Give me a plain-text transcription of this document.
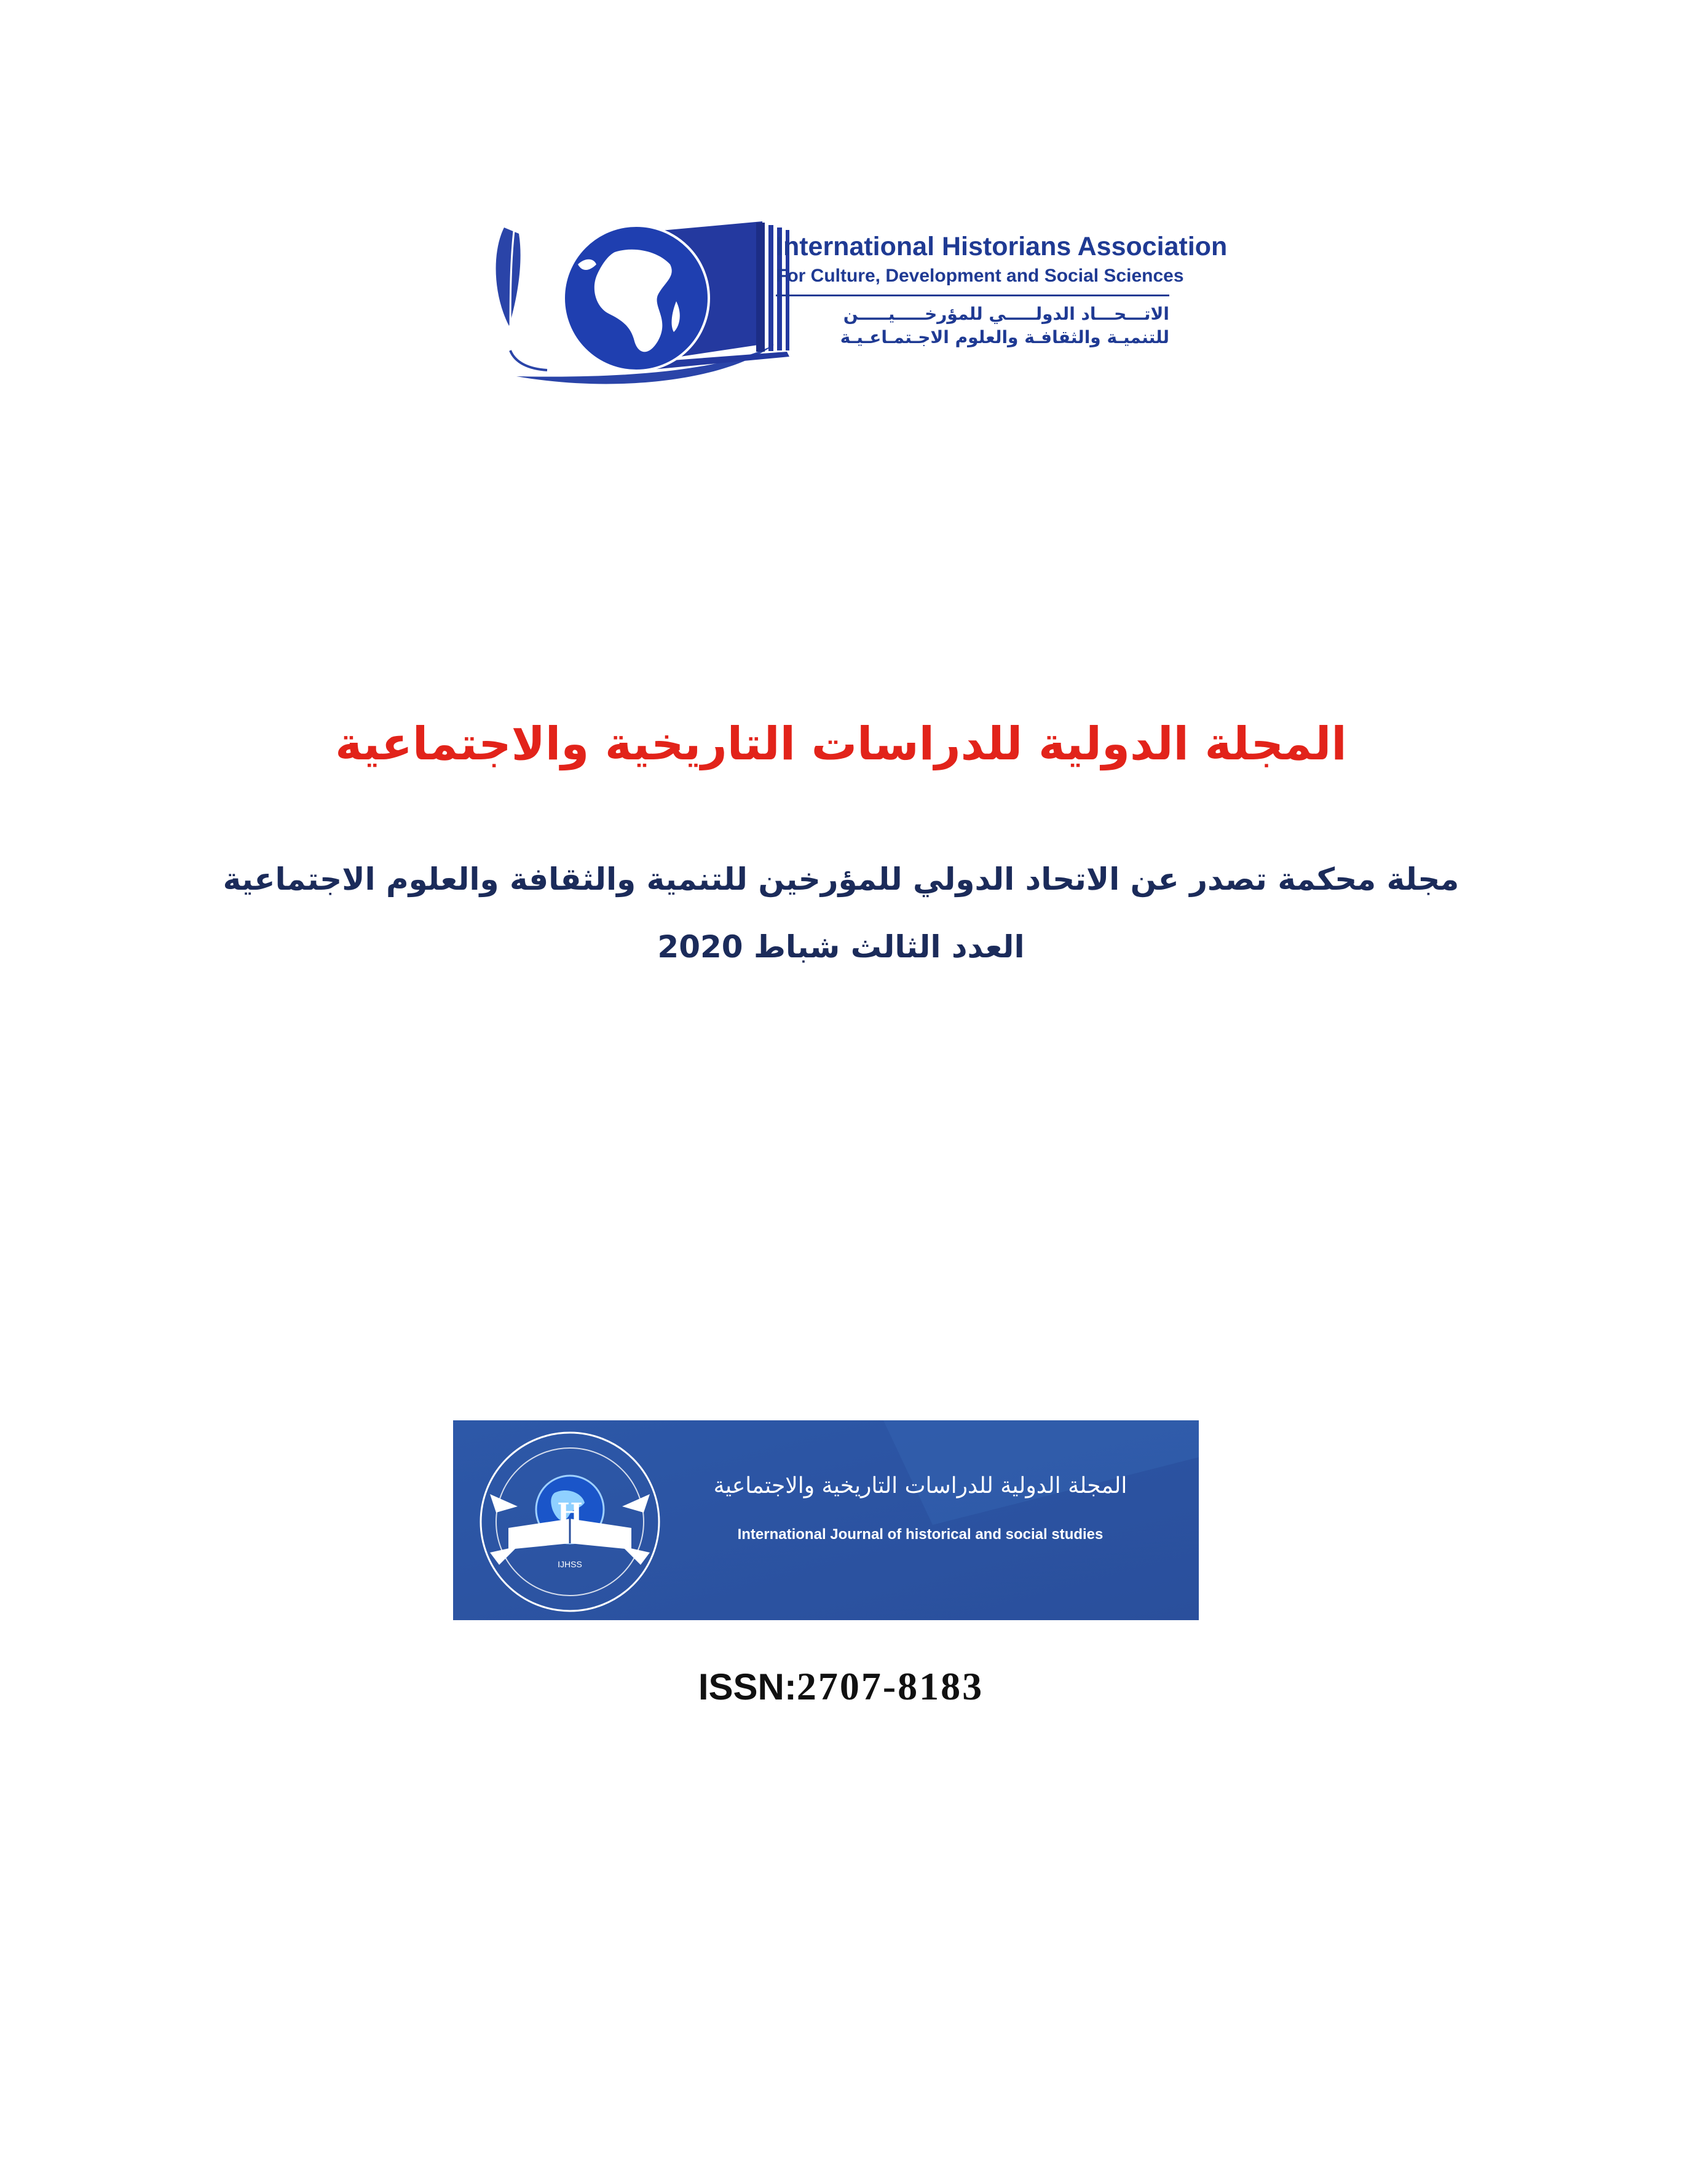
International Historians Association
For Culture, Development and Social Sciences
الاتـــحـــاد الدولـــــي للمؤرخـــــيـــــن
للتنميـة والثقافـة والعلوم الاجـتمـاعـيـة
المجلة الدولية للدراسات التاريخية والاجتماعية
مجلة محكمة تصدر عن الاتحاد الدولي للمؤرخين للتنمية والثقافة والعلوم الاجتماعية
العدد الثالث شباط 2020
H
IJHSS
المجلة الدولية للدراسات التاريخية والاجتماعية
International Journal of historical and social studies
ISSN:2707-8183
